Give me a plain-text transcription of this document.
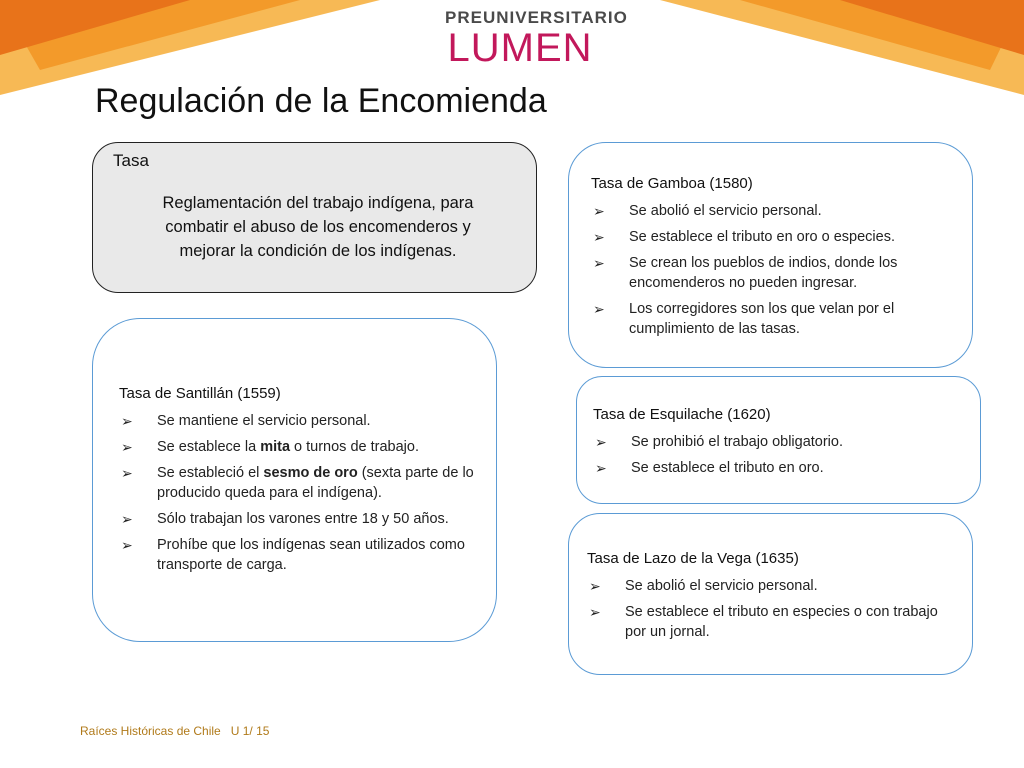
PREUNIVERSITARIO
LUMEN
Regulación de la Encomienda
Tasa
Reglamentación del trabajo indígena, para combatir el abuso de los encomenderos y mejorar la condición de los indígenas.
Tasa de Gamboa (1580)
➢ Se abolió el servicio personal.
➢ Se establece el tributo en oro o especies.
➢ Se crean los pueblos de indios, donde los encomenderos no pueden ingresar.
➢ Los corregidores son los que velan por el cumplimiento de las tasas.
Tasa de Santillán (1559)
➢ Se mantiene el servicio personal.
➢ Se establece la mita o turnos de trabajo.
➢ Se estableció el sesmo de oro (sexta parte de lo producido queda para el indígena).
➢ Sólo trabajan los varones entre 18 y 50 años.
➢ Prohíbe que los indígenas sean utilizados como transporte de carga.
Tasa de Esquilache (1620)
➢ Se prohibió el trabajo obligatorio.
➢ Se establece el tributo en oro.
Tasa de Lazo de la Vega (1635)
➢ Se abolió el servicio personal.
➢ Se establece el tributo en especies o con trabajo por un jornal.
Raíces Históricas de Chile   U 1/ 15
